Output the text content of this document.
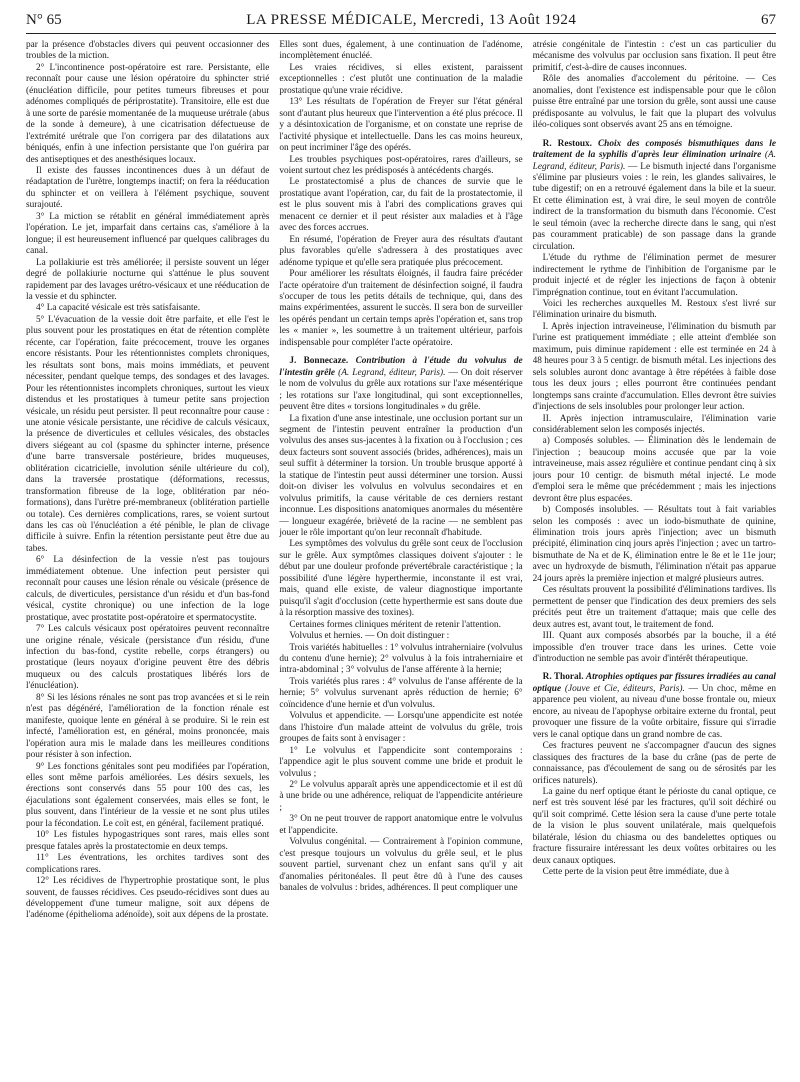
N° 65	LA PRESSE MÉDICALE, Mercredi, 13 Août 1924	67

par la présence d'obstacles divers qui peuvent occasionner des troubles de la miction.

2° L'incontinence post-opératoire est rare. Persistante, elle reconnaît pour cause une lésion opératoire du sphincter strié (énucléation difficile, pour petites tumeurs fibreuses et pour adénomes compliqués de périprostatite). Transitoire, elle est due à une sorte de parésie momentanée de la muqueuse urétrale (abus de la sonde à demeure), à une cicatrisation défectueuse de l'extrémité urétrale que l'on corrigera par des dilatations aux béniqués, enfin à une infection persistante que l'on guérira par des antiseptiques et des anesthésiques locaux.

Il existe des fausses incontinences dues à un défaut de réadaptation de l'urètre, longtemps inactif; on fera la rééducation du sphincter et on veillera à l'élément psychique, souvent surajouté.

3° La miction se rétablit en général immédiatement après l'opération. Le jet, imparfait dans certains cas, s'améliore à la longue; il est heureusement influencé par quelques calibrages du canal.

La pollakiurie est très améliorée; il persiste souvent un léger degré de pollakiurie nocturne qui s'atténue le plus souvent rapidement par des lavages urétro-vésicaux et une rééducation de la vessie et du sphincter.

4° La capacité vésicale est très satisfaisante.

5° L'évacuation de la vessie doit être parfaite, et elle l'est le plus souvent pour les prostatiques en état de rétention complète récente, car l'opération, faite précocement, trouve les organes encore résistants. Pour les rétentionnistes complets chroniques, les résultats sont bons, mais moins immédiats, et peuvent nécessiter, pendant quelque temps, des sondages et des lavages. Pour les rétentionnistes incomplets chroniques, surtout les vieux distendus et les prostatiques à tumeur petite sans projection vésicale, un résidu peut persister. Il peut reconnaître pour cause : une atonie vésicale persistante, une récidive de calculs vésicaux, la présence de diverticules et cellules vésicales, des obstacles divers siégeant au col (spasme du sphincter interne, présence d'une barre transversale postérieure, brides muqueuses, oblitération cicatricielle, involution sénile ultérieure du col), dans la traversée prostatique (déformations, recessus, transformation fibreuse de la loge, oblitération par néo-formations), dans l'urètre pré-membraneux (oblitération partielle ou totale). Ces dernières complications, rares, se voient surtout dans les cas où l'énucléation a été pénible, le plan de clivage difficile à suivre. Enfin la rétention persistante peut être due au tabes.

6° La désinfection de la vessie n'est pas toujours immédiatement obtenue. Une infection peut persister qui reconnaît pour causes une lésion rénale ou vésicale (présence de calculs, de diverticules, persistance d'un résidu et d'un bas-fond vésical, cystite chronique) ou une infection de la loge prostatique, avec prostatite post-opératoire et spermatocystite.

7° Les calculs vésicaux post opératoires peuvent reconnaître une origine rénale, vésicale (persistance d'un résidu, d'une infection du bas-fond, cystite rebelle, corps étrangers) ou prostatique (leurs noyaux d'origine peuvent être des débris muqueux ou des calculs prostatiques libérés lors de l'énucléation).

8° Si les lésions rénales ne sont pas trop avancées et si le rein n'est pas dégénéré, l'amélioration de la fonction rénale est manifeste, quoique lente en général à se produire. Si le rein est infecté, l'amélioration est, en général, moins prononcée, mais l'opération aura mis le malade dans les meilleures conditions pour résister à son infection.

9° Les fonctions génitales sont peu modifiées par l'opération, elles sont même parfois améliorées. Les désirs sexuels, les érections sont conservés dans 55 pour 100 des cas, les éjaculations sont également conservées, mais elles se font, le plus souvent, dans l'intérieur de la vessie et ne sont plus utiles pour la fécondation. Le coït est, en général, facilement pratiqué.

10° Les fistules hypogastriques sont rares, mais elles sont presque fatales après la prostatectomie en deux temps.

11° Les éventrations, les orchites tardives sont des complications rares.

12° Les récidives de l'hypertrophie prostatique sont, le plus souvent, de fausses récidives. Ces pseudo-récidives sont dues au développement d'une tumeur maligne, soit aux dépens de l'adénome (épithelioma adénoïde), soit aux dépens de la prostate.

Elles sont dues, également, à une continuation de l'adénome, incomplètement énucléé.

Les vraies récidives, si elles existent, paraissent exceptionnelles : c'est plutôt une continuation de la maladie prostatique qu'une vraie récidive.

13° Les résultats de l'opération de Freyer sur l'état général sont d'autant plus heureux que l'intervention a été plus précoce. Il y a désintoxication de l'organisme, et on constate une reprise de l'activité physique et intellectuelle. Dans les cas moins heureux, on peut incriminer l'âge des opérés.

Les troubles psychiques post-opératoires, rares d'ailleurs, se voient surtout chez les prédisposés à antécédents chargés.

Le prostatectomisé a plus de chances de survie que le prostatique avant l'opération, car, du fait de la prostatectomie, il est le plus souvent mis à l'abri des complications graves qui menacent ce dernier et il peut résister aux maladies et à l'âge avec des forces accrues.

En résumé, l'opération de Freyer aura des résultats d'autant plus favorables qu'elle s'adressera à des prostatiques avec adénome typique et qu'elle sera pratiquée plus précocement.

Pour améliorer les résultats éloignés, il faudra faire précéder l'acte opératoire d'un traitement de désinfection soigné, il faudra s'occuper de tous les petits détails de technique, qui, dans des mains expérimentées, assurent le succès. Il sera bon de surveiller les opérés pendant un certain temps après l'opération et, sans trop les « manier », les soumettre à un traitement ultérieur, parfois indispensable pour compléter l'acte opératoire.

J. Bonnecaze. Contribution à l'étude du volvulus de l'intestin grêle (A. Legrand, éditeur, Paris). — On doit réserver le nom de volvulus du grêle aux rotations sur l'axe mésentérique ; les rotations sur l'axe longitudinal, qui sont exceptionnelles, peuvent être dites « torsions longitudinales » du grêle.

La fixation d'une anse intestinale, une occlusion portant sur un segment de l'intestin peuvent entraîner la production d'un volvulus des anses sus-jacentes à la fixation ou à l'occlusion ; ces deux facteurs sont souvent associés (brides, adhérences), mais un seul suffit à déterminer la torsion. Un trouble brusque apporté à la statique de l'intestin peut aussi déterminer une torsion. Aussi doit-on diviser les volvulus en volvulus secondaires et en volvulus primitifs, la cause véritable de ces derniers restant inconnue. Les dispositions anatomiques anormales du mésentère — longueur exagérée, brièveté de la racine — ne semblent pas jouer le rôle important qu'on leur reconnaît d'habitude.

Les symptômes des volvulus du grêle sont ceux de l'occlusion sur le grêle. Aux symptômes classiques doivent s'ajouter : le début par une douleur profonde prévertébrale caractéristique ; la possibilité d'une légère hyperthermie, inconstante il est vrai, mais, quand elle existe, de valeur diagnostique importante puisqu'il s'agit d'occlusion (cette hyperthermie est sans doute due à la résorption massive des toxines).

Certaines formes cliniques méritent de retenir l'attention.

Volvulus et hernies. — On doit distinguer :

Trois variétés habituelles : 1° volvulus intraherniaire (volvulus du contenu d'une hernie); 2° volvulus à la fois intraherniaire et intra-abdominal ; 3° volvulus de l'anse afférente à la hernie;

Trois variétés plus rares : 4° volvulus de l'anse afférente de la hernie; 5° volvulus survenant après réduction de hernie; 6° coïncidence d'une hernie et d'un volvulus.

Volvulus et appendicite. — Lorsqu'une appendicite est notée dans l'histoire d'un malade atteint de volvulus du grêle, trois groupes de faits sont à envisager :

1° Le volvulus et l'appendicite sont contemporains : l'appendice agit le plus souvent comme une bride et produit le volvulus ;

2° Le volvulus apparaît après une appendicectomie et il est dû à une bride ou une adhérence, reliquat de l'appendicite antérieure ;

3° On ne peut trouver de rapport anatomique entre le volvulus et l'appendicite.

Volvulus congénital. — Contrairement à l'opinion commune, c'est presque toujours un volvulus du grêle seul, et le plus souvent partiel, survenant chez un enfant sans qu'il y ait d'anomalies péritonéales. Il peut être dû à l'une des causes banales de volvulus : brides, adhérences. Il peut compliquer une

atrésie congénitale de l'intestin : c'est un cas particulier du mécanisme des volvulus par occlusion sans fixation. Il peut être primitif, c'est-à-dire de causes inconnues.

Rôle des anomalies d'accolement du péritoine. — Ces anomalies, dont l'existence est indispensable pour que le côlon puisse être entraîné par une torsion du grêle, sont aussi une cause prédisposante au volvulus, le fait que la plupart des volvulus iléo-coliques sont observés avant 25 ans en témoigne.

R. Restoux. Choix des composés bismuthiques dans le traitement de la syphilis d'après leur élimination urinaire (A. Legrand, éditeur, Paris). — Le bismuth injecté dans l'organisme s'élimine par plusieurs voies : le rein, les glandes salivaires, le tube digestif; on en a retrouvé également dans la bile et la sueur. Et cette élimination est, à vrai dire, le seul moyen de contrôle indirect de la transformation du bismuth dans l'économie. C'est le seul témoin (avec la recherche directe dans le sang, qui n'est pas couramment praticable) de son passage dans la grande circulation.

L'étude du rythme de l'élimination permet de mesurer indirectement le rythme de l'inhibition de l'organisme par le produit injecté et de régler les injections de façon à obtenir l'imprégnation continue, tout en évitant l'accumulation.

Voici les recherches auxquelles M. Restoux s'est livré sur l'élimination urinaire du bismuth.

I. Après injection intraveineuse, l'élimination du bismuth par l'urine est pratiquement immédiate ; elle atteint d'emblée son maximum, puis diminue rapidement : elle est terminée en 24 à 48 heures pour 3 à 5 centigr. de bismuth métal. Les injections des sels solubles auront donc avantage à être répétées à faible dose tous les deux jours ; elles pourront être continuées pendant longtemps sans crainte d'accumulation. Elles devront être suivies d'injections de sels insolubles pour prolonger leur action.

II. Après injection intramusculaire, l'élimination varie considérablement selon les composés injectés.

a) Composés solubles. — Élimination dès le lendemain de l'injection ; beaucoup moins accusée que par la voie intraveineuse, mais assez régulière et continue pendant cinq à six jours pour 10 centigr. de bismuth métal injecté. Le mode d'emploi sera le même que précédemment ; mais les injections devront être plus espacées.

b) Composés insolubles. — Résultats tout à fait variables selon les composés : avec un iodo-bismuthate de quinine, élimination trois jours après l'injection; avec un bismuth précipité, élimination cinq jours après l'injection ; avec un tartro-bismuthate de Na et de K, élimination entre le 8e et le 11e jour; avec un hydroxyde de bismuth, l'élimination n'était pas apparue 24 jours après la première injection et malgré plusieurs autres.

Ces résultats prouvent la possibilité d'éliminations tardives. Ils permettent de penser que l'indication des deux premiers des sels précités peut être un traitement d'attaque; mais que celle des deux autres est, avant tout, le traitement de fond.

III. Quant aux composés absorbés par la bouche, il a été impossible d'en trouver trace dans les urines. Cette voie d'introduction ne semble pas avoir d'intérêt thérapeutique.

R. Thoral. Atrophies optiques par fissures irradiées au canal optique (Jouve et Cie, éditeurs, Paris). — Un choc, même en apparence peu violent, au niveau d'une bosse frontale ou, mieux encore, au niveau de l'apophyse orbitaire externe du frontal, peut provoquer une fissure de la voûte orbitaire, fissure qui s'irradie vers le canal optique dans un grand nombre de cas.

Ces fractures peuvent ne s'accompagner d'aucun des signes classiques des fractures de la base du crâne (pas de perte de connaissance, pas d'écoulement de sang ou de sérosités par les orifices naturels).

La gaine du nerf optique étant le périoste du canal optique, ce nerf est très souvent lésé par les fractures, qu'il soit déchiré ou qu'il soit comprimé. Cette lésion sera la cause d'une perte totale de la vision le plus souvent unilatérale, mais quelquefois bilatérale, lésion du chiasma ou des bandelettes optiques ou fracture fissuraire intéressant les deux voûtes orbitaires ou les deux canaux optiques.

Cette perte de la vision peut être immédiate, due à
